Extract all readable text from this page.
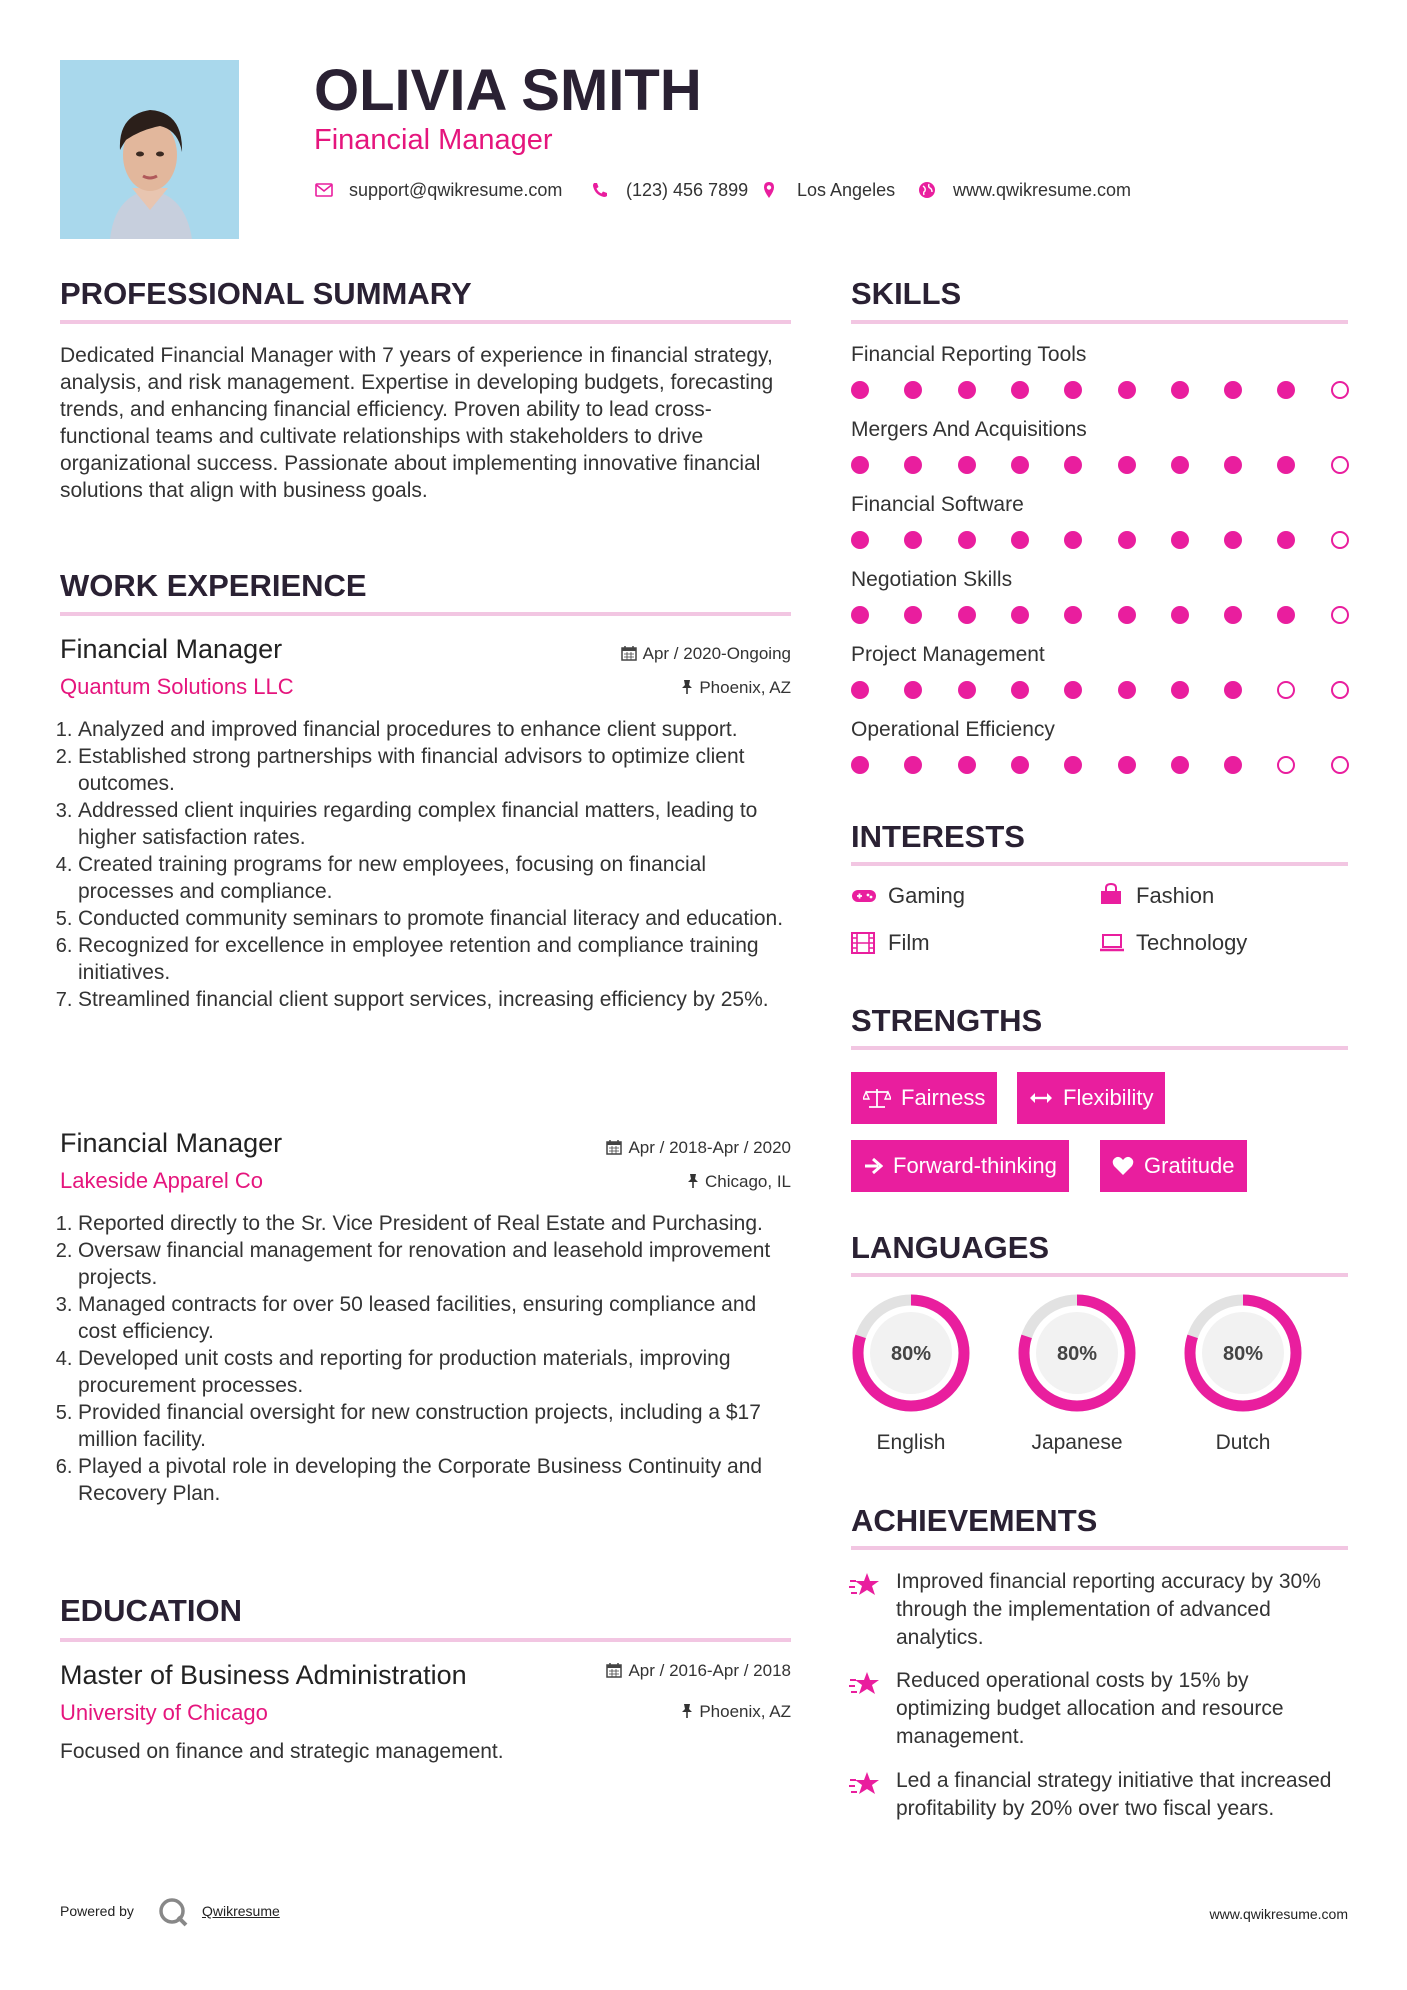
OLIVIA SMITH
Financial Manager
support@qwikresume.com	(123) 456 7899	Los Angeles	www.qwikresume.com
PROFESSIONAL SUMMARY
Dedicated Financial Manager with 7 years of experience in financial strategy, analysis, and risk management. Expertise in developing budgets, forecasting trends, and enhancing financial efficiency. Proven ability to lead cross-functional teams and cultivate relationships with stakeholders to drive organizational success. Passionate about implementing innovative financial solutions that align with business goals.
WORK EXPERIENCE
Financial Manager
Quantum Solutions LLC
Apr / 2020-Ongoing
Phoenix, AZ
1. Analyzed and improved financial procedures to enhance client support.
2. Established strong partnerships with financial advisors to optimize client outcomes.
3. Addressed client inquiries regarding complex financial matters, leading to higher satisfaction rates.
4. Created training programs for new employees, focusing on financial processes and compliance.
5. Conducted community seminars to promote financial literacy and education.
6. Recognized for excellence in employee retention and compliance training initiatives.
7. Streamlined financial client support services, increasing efficiency by 25%.
Financial Manager
Lakeside Apparel Co
Apr / 2018-Apr / 2020
Chicago, IL
1. Reported directly to the Sr. Vice President of Real Estate and Purchasing.
2. Oversaw financial management for renovation and leasehold improvement projects.
3. Managed contracts for over 50 leased facilities, ensuring compliance and cost efficiency.
4. Developed unit costs and reporting for production materials, improving procurement processes.
5. Provided financial oversight for new construction projects, including a $17 million facility.
6. Played a pivotal role in developing the Corporate Business Continuity and Recovery Plan.
EDUCATION
Master of Business Administration
University of Chicago
Apr / 2016-Apr / 2018
Phoenix, AZ
Focused on finance and strategic management.
SKILLS
Financial Reporting Tools
Mergers And Acquisitions
Financial Software
Negotiation Skills
Project Management
Operational Efficiency
INTERESTS
Gaming	Fashion
Film	Technology
STRENGTHS
Fairness	Flexibility
Forward-thinking	Gratitude
LANGUAGES
80%
English
80%
Japanese
80%
Dutch
ACHIEVEMENTS
Improved financial reporting accuracy by 30% through the implementation of advanced analytics.
Reduced operational costs by 15% by optimizing budget allocation and resource management.
Led a financial strategy initiative that increased profitability by 20% over two fiscal years.
Powered by	Qwikresume	www.qwikresume.com
